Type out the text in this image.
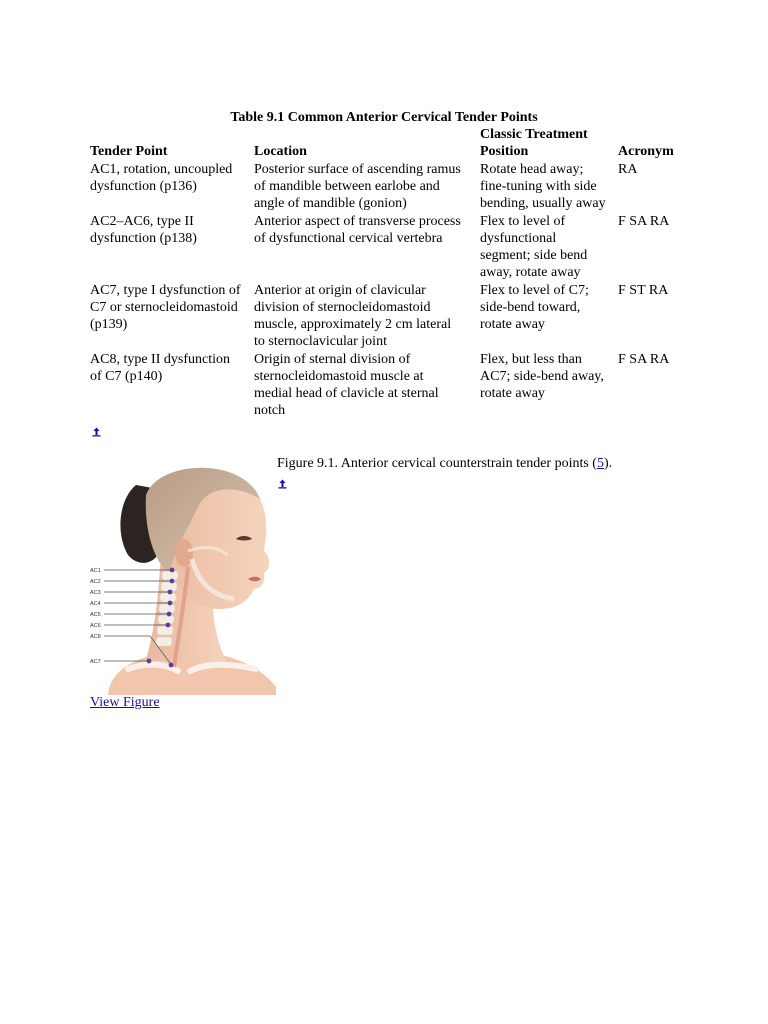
Table 9.1 Common Anterior Cervical Tender Points
Tender Point	Location
Classic Treatment
Position	Acronym
AC1, rotation, uncoupled
dysfunction (p136)
Posterior surface of ascending ramus
of mandible between earlobe and
angle of mandible (gonion)
Rotate head away;
fine-tuning with side
bending, usually away
RA
AC2–AC6, type II
dysfunction (p138)
Anterior aspect of transverse process
of dysfunctional cervical vertebra
Flex to level of
dysfunctional
segment; side bend
away, rotate away
F SA RA
AC7, type I dysfunction of
C7 or sternocleidomastoid
(p139)
Anterior at origin of clavicular
division of sternocleidomastoid
muscle, approximately 2 cm lateral
to sternoclavicular joint
Flex to level of C7;
side-bend toward,
rotate away
F ST RA
AC8, type II dysfunction
of C7 (p140)
Origin of sternal division of
sternocleidomastoid muscle at
medial head of clavicle at sternal
notch
Flex, but less than
AC7; side-bend away,
rotate away
F SA RA
Figure 9.1. Anterior cervical counterstrain tender points (5).
AC1
AC2
AC3
AC4
AC5
AC6
AC8
AC7
View Figure
